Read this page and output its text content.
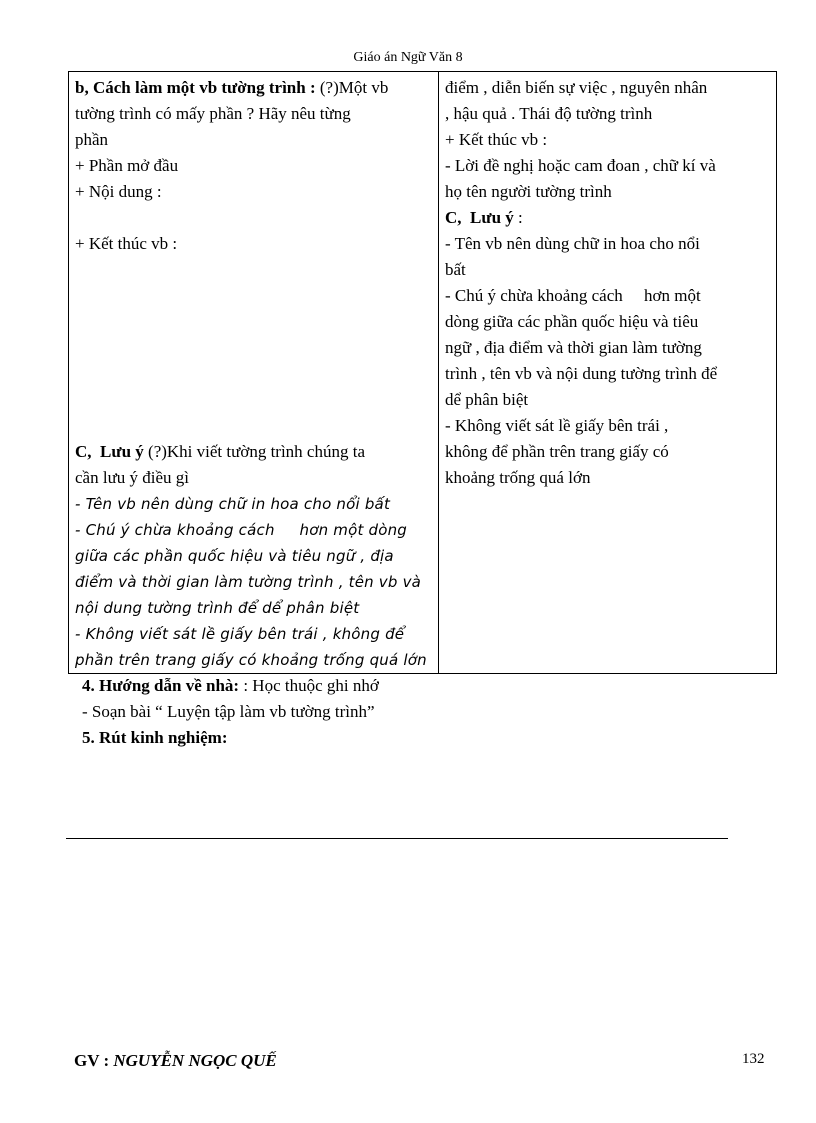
Giáo án Ngữ Văn 8
b, Cách làm một vb tường trình : (?)Một vb
tường trình có mấy phần ? Hãy nêu từng
phần
+ Phần mở đầu
+ Nội dung :
+ Kết thúc vb :
C, Lưu ý (?)Khi viết tường trình chúng ta
cần lưu ý điều gì
- Tên vb nên dùng chữ in hoa cho nổi bất
- Chú ý chừa khoảng cách     hơn một dòng
giữa các phần quốc hiệu và tiêu ngữ , địa
điểm và thời gian làm tường trình , tên vb và
nội dung tường trình để dể phân biệt
- Không viết sát lề giấy bên trái , không để
phần trên trang giấy có khoảng trống quá lớn

điểm , diễn biến sự việc , nguyên nhân
, hậu quả . Thái độ tường trình
+ Kết thúc vb :
- Lời đề nghị hoặc cam đoan , chữ kí và
họ tên người tường trình
C, Lưu ý :
- Tên vb nên dùng chữ in hoa cho nổi
bất
- Chú ý chừa khoảng cách     hơn một
dòng giữa các phần quốc hiệu và tiêu
ngữ , địa điểm và thời gian làm tường
trình , tên vb và nội dung tường trình để
dể phân biệt
- Không viết sát lề giấy bên trái ,
không để phần trên trang giấy có
khoảng trống quá lớn
4. Hướng dẫn về nhà: : Học thuộc ghi nhớ
- Soạn bài “ Luyện tập làm vb tường trình”
5. Rút kinh nghiệm:
GV : NGUYỄN NGỌC QUẾ	132
